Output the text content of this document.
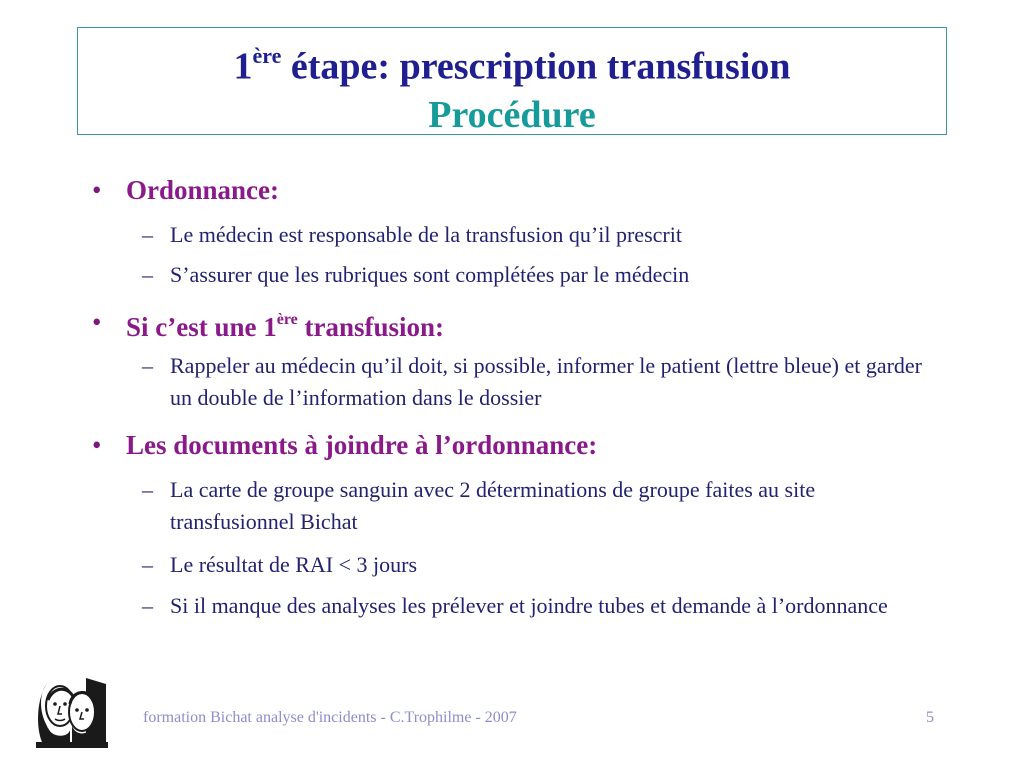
1ère étape: prescription transfusion
Procédure
• Ordonnance:
– Le médecin est responsable de la transfusion qu’il prescrit
– S’assurer que les rubriques sont complétées par le médecin
• Si c’est une 1ère transfusion:
– Rappeler au médecin qu’il doit, si possible, informer le patient (lettre bleue) et garder un double de l’information dans le dossier
• Les documents à joindre à l’ordonnance:
– La carte de groupe sanguin avec 2 déterminations de groupe faites au site transfusionnel Bichat
– Le résultat de RAI < 3 jours
– Si il manque des analyses les prélever et joindre tubes et demande à l’ordonnance
formation Bichat analyse d'incidents - C.Trophilme - 2007	5
